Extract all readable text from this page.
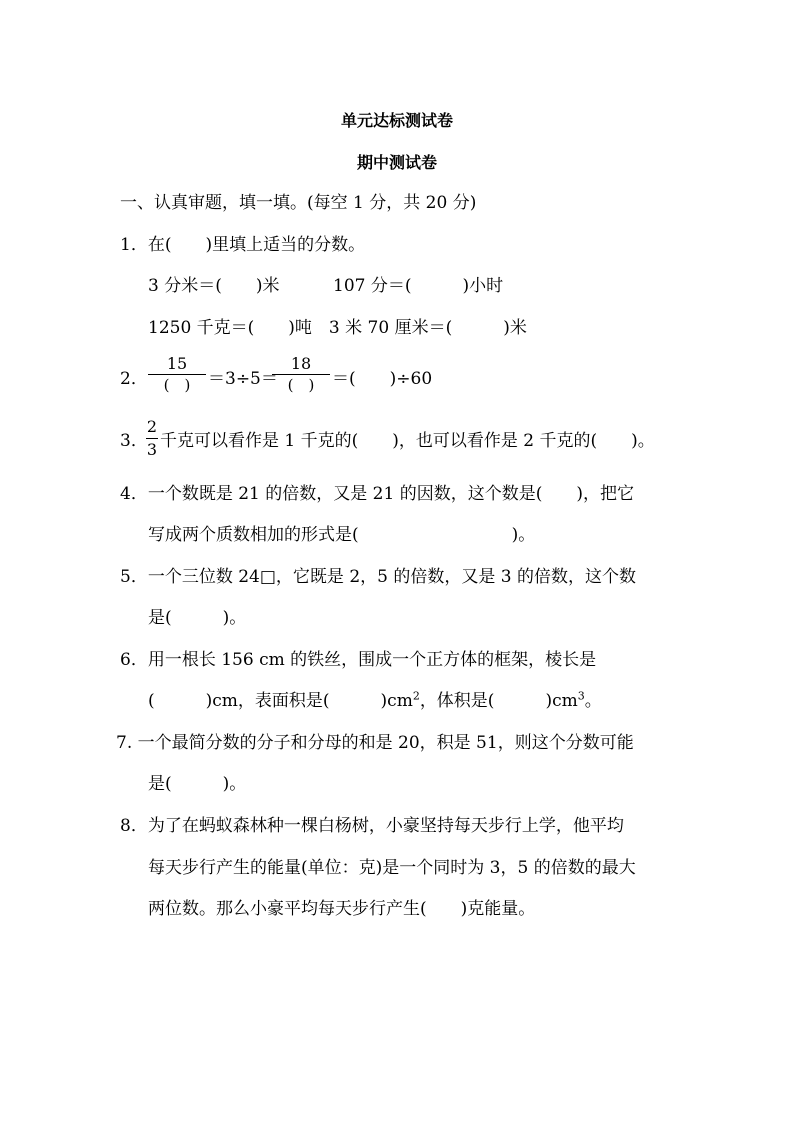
单元达标测试卷
期中测试卷
一、认真审题，填一填。(每空 1 分，共 20 分)
1．在(　　)里填上适当的分数。
3 分米＝(　　)米	107 分＝(　　　)小时
1250 千克＝(　　)吨　3 米 70 厘米＝(　　　)米
2．
15
(　)	＝3÷5＝
18
(　)	＝(　　)÷60
3．
2
3 千克可以看作是 1 千克的(　　)，也可以看作是 2 千克的(　　)。
4．一个数既是 21 的倍数，又是 21 的因数，这个数是(　　)，把它
写成两个质数相加的形式是(　　　　　　　　　)。
5．一个三位数 24□，它既是 2，5 的倍数，又是 3 的倍数，这个数
是(　　　)。
6．用一根长 156 cm 的铁丝，围成一个正方体的框架，棱长是
(　　　)cm，表面积是(　　　)$cm^2$，体积是(　　　)$cm^3$。
7. 一个最简分数的分子和分母的和是 20，积是 51，则这个分数可能
是(　　　)。
8．为了在蚂蚁森林种一棵白杨树，小豪坚持每天步行上学，他平均
每天步行产生的能量(单位：克)是一个同时为 3，5 的倍数的最大
两位数。那么小豪平均每天步行产生(　　)克能量。
